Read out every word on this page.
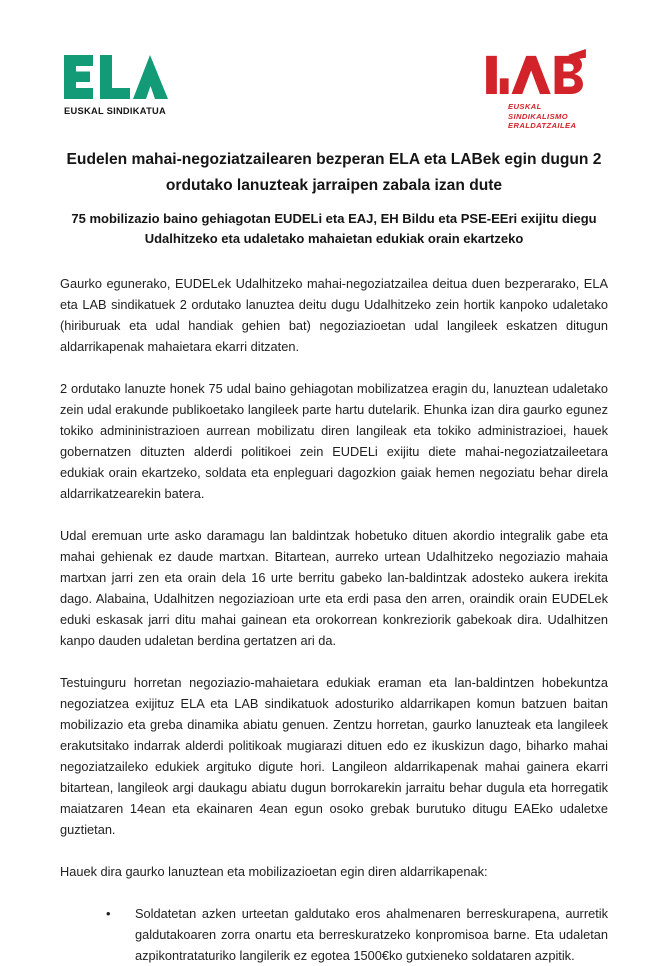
EUSKAL SINDIKATUA	EUSKAL
SINDIKALISMO
ERALDATZAILEA
Eudelen mahai-negoziatzailearen bezperan ELA eta LABek egin dugun 2 ordutako lanuzteak jarraipen zabala izan dute
75 mobilizazio baino gehiagotan EUDELi eta EAJ, EH Bildu eta PSE-EEri exijitu diegu Udalhitzeko eta udaletako mahaietan edukiak orain ekartzeko

Gaurko egunerako, EUDELek Udalhitzeko mahai-negoziatzailea deitua duen bezperarako, ELA eta LAB sindikatuek 2 ordutako lanuztea deitu dugu Udalhitzeko zein hortik kanpoko udaletako (hiriburuak eta udal handiak gehien bat) negoziazioetan udal langileek eskatzen ditugun aldarrikapenak mahaietara ekarri ditzaten.

2 ordutako lanuzte honek 75 udal baino gehiagotan mobilizatzea eragin du, lanuztean udaletako zein udal erakunde publikoetako langileek parte hartu dutelarik. Ehunka izan dira gaurko egunez tokiko admininistrazioen aurrean mobilizatu diren langileak eta tokiko administrazioei, hauek gobernatzen dituzten alderdi politikoei zein EUDELi exijitu diete mahai-negoziatzaileetara edukiak orain ekartzeko, soldata eta enpleguari dagozkion gaiak hemen negoziatu behar direla aldarrikatzearekin batera.

Udal eremuan urte asko daramagu lan baldintzak hobetuko dituen akordio integralik gabe eta mahai gehienak ez daude martxan. Bitartean, aurreko urtean Udalhitzeko negoziazio mahaia martxan jarri zen eta orain dela 16 urte berritu gabeko lan-baldintzak adosteko aukera irekita dago. Alabaina, Udalhitzen negoziazioan urte eta erdi pasa den arren, oraindik orain EUDELek eduki eskasak jarri ditu mahai gainean eta orokorrean konkreziorik gabekoak dira. Udalhitzen kanpo dauden udaletan berdina gertatzen ari da.

Testuinguru horretan negoziazio-mahaietara edukiak eraman eta lan-baldintzen hobekuntza negoziatzea exijituz ELA eta LAB sindikatuok adosturiko aldarrikapen komun batzuen baitan mobilizazio eta greba dinamika abiatu genuen. Zentzu horretan, gaurko lanuzteak eta langileek erakutsitako indarrak alderdi politikoak mugiarazi dituen edo ez ikuskizun dago, biharko mahai negoziatzaileko edukiek argituko digute hori. Langileon aldarrikapenak mahai gainera ekarri bitartean, langileok argi daukagu abiatu dugun borrokarekin jarraitu behar dugula eta horregatik maiatzaren 14ean eta ekainaren 4ean egun osoko grebak burutuko ditugu EAEko udaletxe guztietan.

Hauek dira gaurko lanuztean eta mobilizazioetan egin diren aldarrikapenak:

• Soldatetan azken urteetan galdutako eros ahalmenaren berreskurapena, aurretik galdutakoaren zorra onartu eta berreskuratzeko konpromisoa barne. Eta udaletan azpikontrataturiko langilerik ez egotea 1500€ko gutxieneko soldataren azpitik.
